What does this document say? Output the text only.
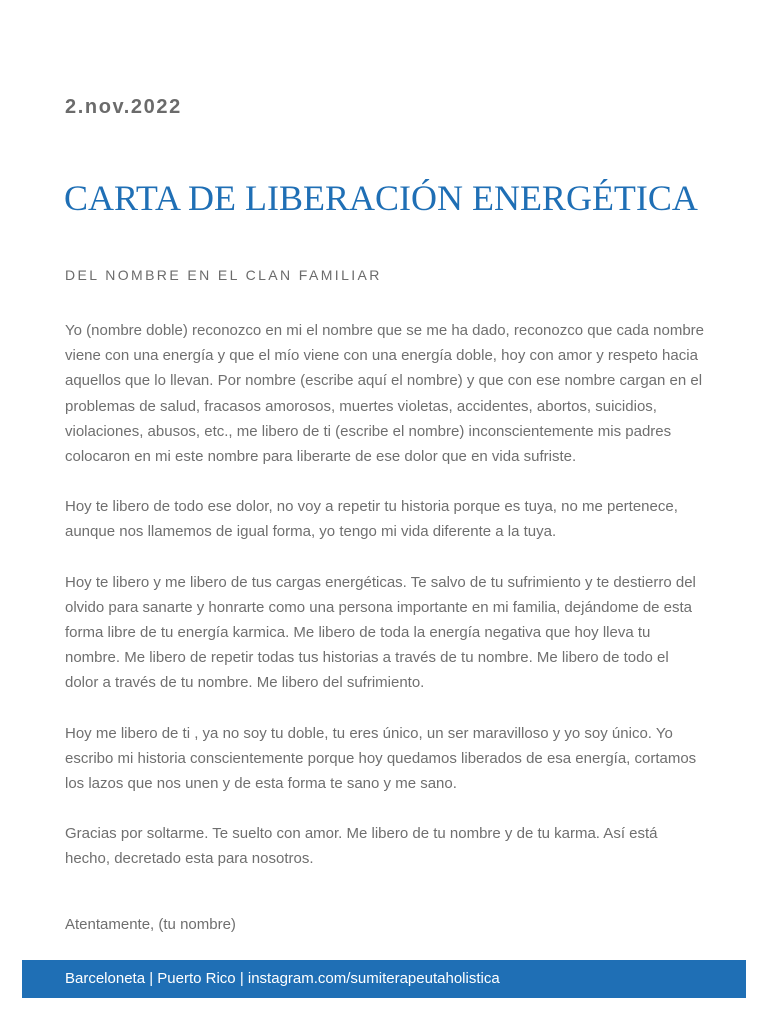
2.nov.2022
CARTA DE LIBERACIÓN ENERGÉTICA
DEL NOMBRE EN EL CLAN FAMILIAR

Yo (nombre doble) reconozco en mi el nombre que se me ha dado, reconozco que cada nombre viene con una energía y que el mío viene con una energía doble, hoy con amor y respeto hacia aquellos que lo llevan. Por nombre (escribe aquí el nombre) y que con ese nombre cargan en el problemas de salud, fracasos amorosos, muertes violetas, accidentes, abortos, suicidios, violaciones, abusos, etc., me libero de ti (escribe el nombre) inconscientemente mis padres colocaron en mi este nombre para liberarte de ese dolor que en vida sufriste.

Hoy te libero de todo ese dolor, no voy a repetir tu historia porque es tuya, no me pertenece, aunque nos llamemos de igual forma, yo tengo mi vida diferente a la tuya.

Hoy te libero y me libero de tus cargas energéticas. Te salvo de tu sufrimiento y te destierro del olvido para sanarte y honrarte como una persona importante en mi familia, dejándome de esta forma libre de tu energía karmica. Me libero de toda la energía negativa que hoy lleva tu nombre. Me libero de repetir todas tus historias a través de tu nombre. Me libero de todo el dolor a través de tu nombre. Me libero del sufrimiento.

Hoy me libero de ti , ya no soy tu doble, tu eres único, un ser maravilloso y yo soy único. Yo escribo mi historia conscientemente porque hoy quedamos liberados de esa energía, cortamos los lazos que nos unen y de esta forma te sano y me sano.

Gracias por soltarme. Te suelto con amor. Me libero de tu nombre y de tu karma. Así está hecho, decretado esta para nosotros.

Atentamente, (tu nombre)
Barceloneta | Puerto Rico | instagram.com/sumiterapeutaholistica
